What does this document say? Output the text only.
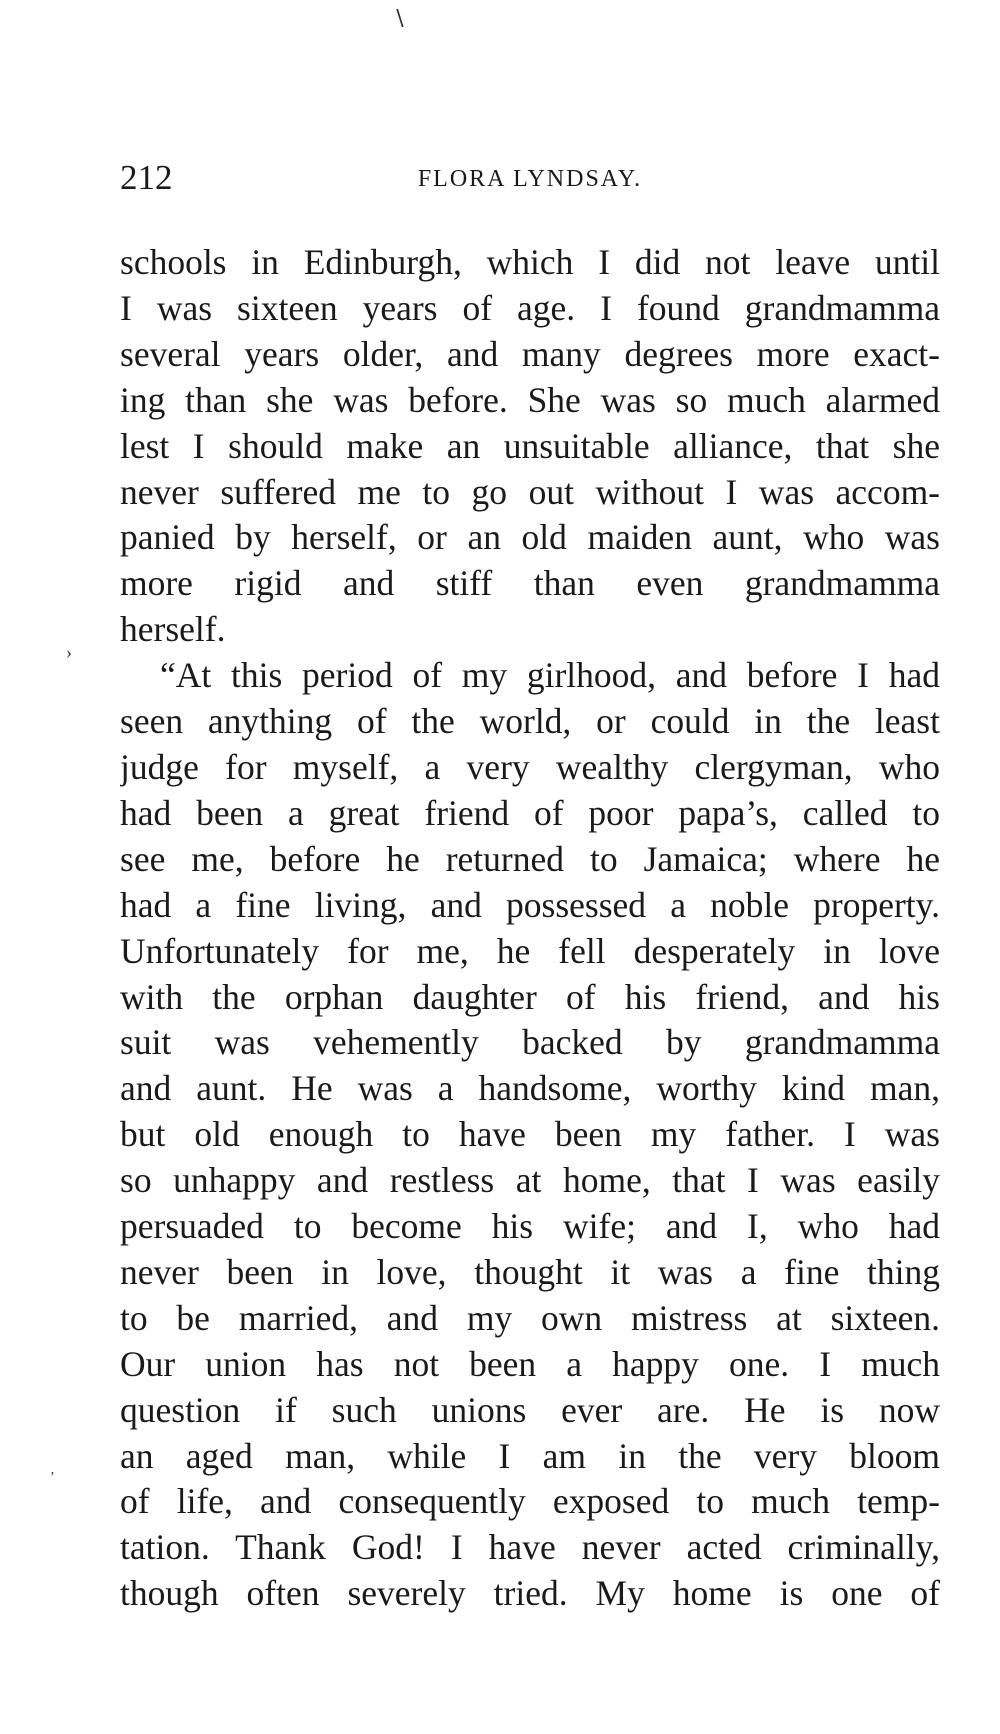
212	FLORA LYNDSAY.

schools in Edinburgh, which I did not leave until
I was sixteen years of age. I found grandmamma
several years older, and many degrees more exact-
ing than she was before. She was so much alarmed
lest I should make an unsuitable alliance, that she
never suffered me to go out without I was accom-
panied by herself, or an old maiden aunt, who was
more rigid and stiff than even grandmamma
herself.

“At this period of my girlhood, and before I had
seen anything of the world, or could in the least
judge for myself, a very wealthy clergyman, who
had been a great friend of poor papa’s, called to
see me, before he returned to Jamaica; where he
had a fine living, and possessed a noble property.
Unfortunately for me, he fell desperately in love
with the orphan daughter of his friend, and his
suit was vehemently backed by grandmamma
and aunt. He was a handsome, worthy kind man,
but old enough to have been my father. I was
so unhappy and restless at home, that I was easily
persuaded to become his wife; and I, who had
never been in love, thought it was a fine thing
to be married, and my own mistress at sixteen.
Our union has not been a happy one. I much
question if such unions ever are. He is now
an aged man, while I am in the very bloom
of life, and consequently exposed to much temp-
tation. Thank God! I have never acted criminally,
though often severely tried. My home is one of

∖
›
’
